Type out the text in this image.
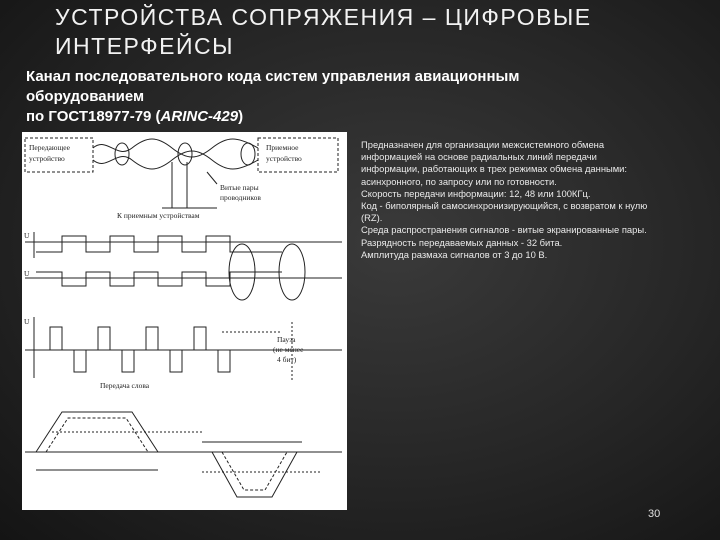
УСТРОЙСТВА СОПРЯЖЕНИЯ – ЦИФРОВЫЕ
ИНТЕРФЕЙСЫ

Канал последовательного кода систем управления авиационным
оборудованием
по ГОСТ18977-79 (ARINC-429)

Передающее
устройство
Приемное
устройство
Витые пары
проводников
К приемным устройствам
U
U
U
Передача слова
Пауза
(не менее
4 бит)
Предназначен для организации межсистемного обмена
информацией на основе радиальных линий передачи
информации, работающих в трех режимах обмена данными:
асинхронного, по запросу или по готовности.
Скорость передачи информации: 12, 48 или 100КГц.
Код - биполярный самосинхронизирующийся, с возвратом к нулю
(RZ).
Среда распространения сигналов - витые экранированные пары.
Разрядность передаваемых данных - 32 бита.
Амплитуда размаха сигналов от 3 до 10 В.
30
